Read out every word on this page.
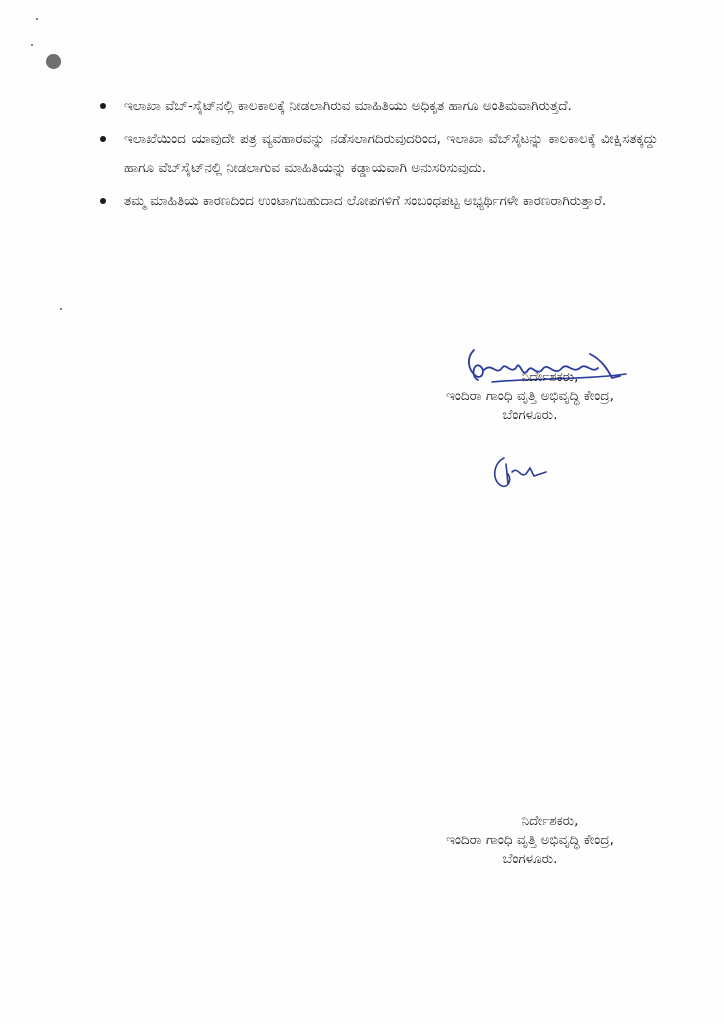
ಇಲಾಖಾ ವೆಬ್-ಸೈಟ್‌ನಲ್ಲಿ ಕಾಲಕಾಲಕ್ಕೆ ನೀಡಲಾಗಿರುವ ಮಾಹಿತಿಯು ಅಧಿಕೃತ ಹಾಗೂ ಅಂತಿಮವಾಗಿರುತ್ತದೆ.
ಇಲಾಖೆಯಿಂದ ಯಾವುದೇ ಪತ್ರ ವ್ಯವಹಾರವನ್ನು ನಡೆಸಲಾಗದಿರುವುದರಿಂದ, ಇಲಾಖಾ ವೆಬ್‌ಸೈಟನ್ನು ಕಾಲಕಾಲಕ್ಕೆ ವೀಕ್ಷಿಸತಕ್ಕದ್ದು ಹಾಗೂ ವೆಬ್‌ಸೈಟ್‌ನಲ್ಲಿ ನೀಡಲಾಗುವ ಮಾಹಿತಿಯನ್ನು ಕಡ್ಡಾಯವಾಗಿ ಅನುಸರಿಸುವುದು.
ತಮ್ಮ ಮಾಹಿತಿಯ ಕಾರಣದಿಂದ ಉಂಟಾಗಬಹುದಾದ ಲೋಪಗಳಿಗೆ ಸಂಬಂಧಪಟ್ಟ ಅಭ್ಯರ್ಥಿಗಳೇ ಕಾರಣರಾಗಿರುತ್ತಾರೆ.
ನಿರ್ದೇಶಕರು,
ಇಂದಿರಾ ಗಾಂಧಿ ವೃತ್ತಿ ಅಭಿವೃದ್ಧಿ ಕೇಂದ್ರ,
ಬೆಂಗಳೂರು.
ನಿರ್ದೇಶಕರು,
ಇಂದಿರಾ ಗಾಂಧಿ ವೃತ್ತಿ ಅಭಿವೃದ್ಧಿ ಕೇಂದ್ರ,
ಬೆಂಗಳೂರು.
